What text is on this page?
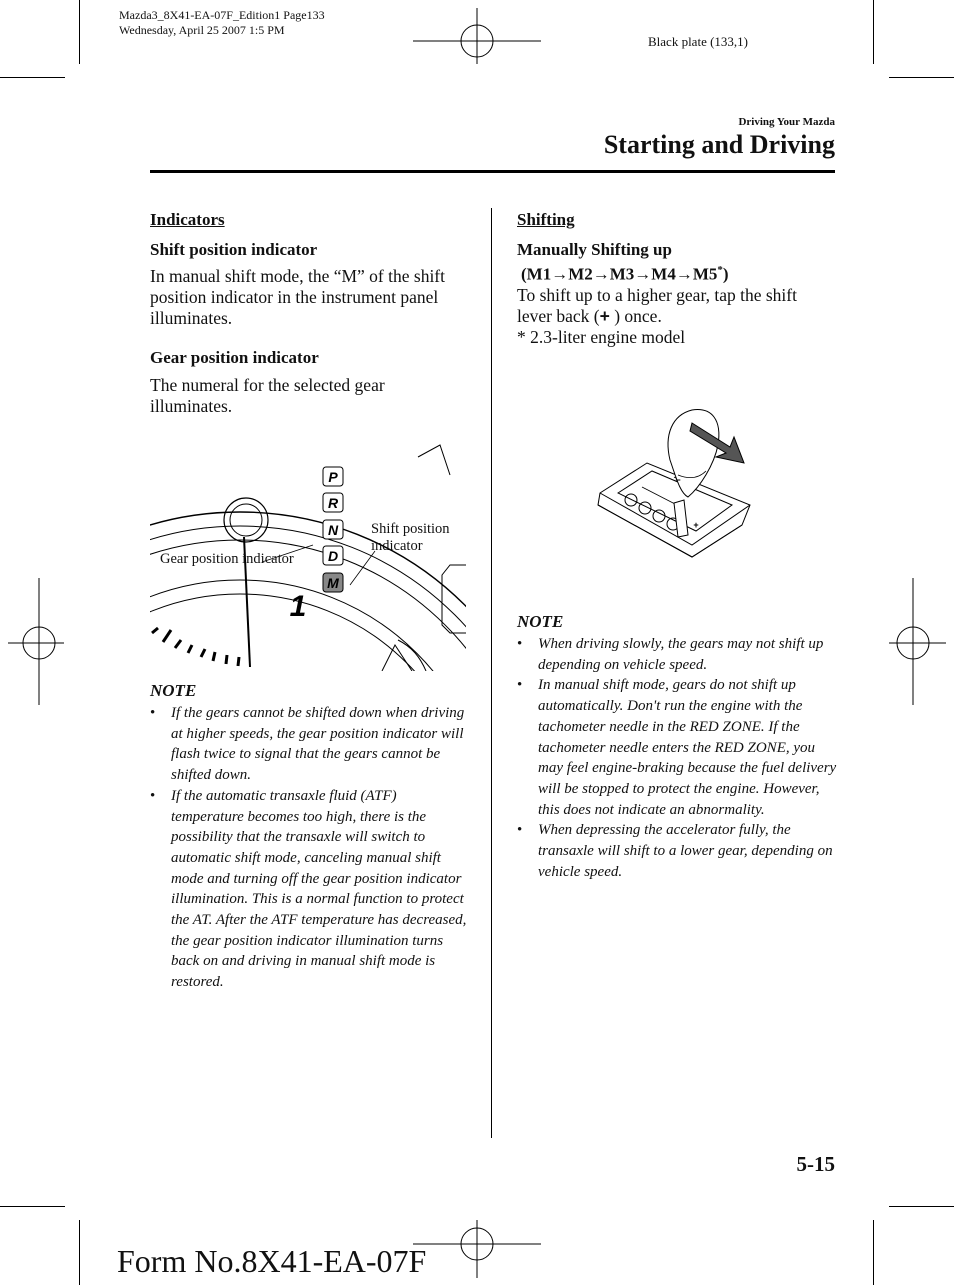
Mazda3_8X41-EA-07F_Edition1 Page133
Wednesday, April 25 2007 1:5 PM
Black plate (133,1)
Driving Your Mazda
Starting and Driving
Indicators
Shift position indicator

In manual shift mode, the “M” of the shift position indicator in the instrument panel illuminates.

Gear position indicator

The numeral for the selected gear illuminates.

P
R
N
D
M
1
Gear position indicator
Shift position
indicator
NOTE
• If the gears cannot be shifted down when driving at higher speeds, the gear position indicator will flash twice to signal that the gears cannot be shifted down.
• If the automatic transaxle fluid (ATF) temperature becomes too high, there is the possibility that the transaxle will switch to automatic shift mode, canceling manual shift mode and turning off the gear position indicator illumination. This is a normal function to protect the AT. After the ATF temperature has decreased, the gear position indicator illumination turns back on and driving in manual shift mode is restored.
Shifting
Manually Shifting up
(M1→M2→M3→M4→M5*)

To shift up to a higher gear, tap the shift lever back (+ ) once.

* 2.3-liter engine model

−
+
NOTE
• When driving slowly, the gears may not shift up depending on vehicle speed.
• In manual shift mode, gears do not shift up automatically. Don't run the engine with the tachometer needle in the RED ZONE. If the tachometer needle enters the RED ZONE, you may feel engine-braking because the fuel delivery will be stopped to protect the engine. However, this does not indicate an abnormality.
• When depressing the accelerator fully, the transaxle will shift to a lower gear, depending on vehicle speed.
5-15
Form No.8X41-EA-07F
